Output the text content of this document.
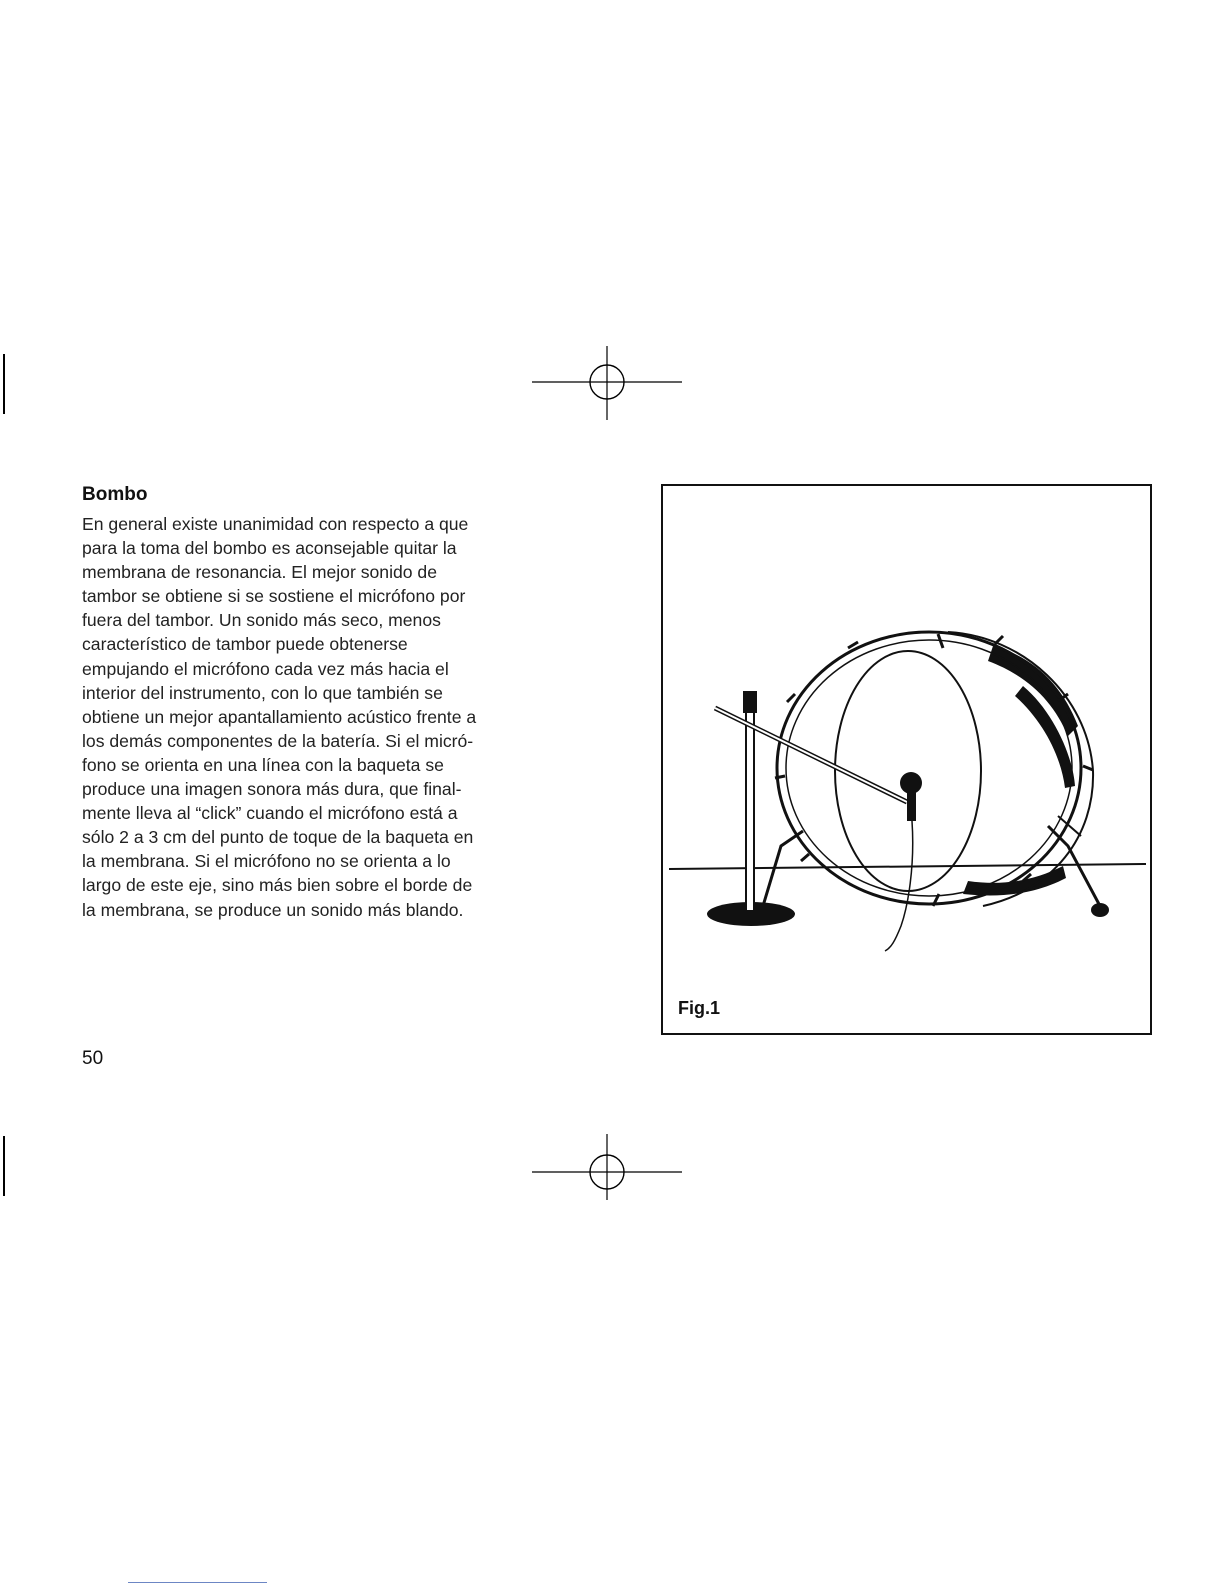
Bombo

En general existe unanimidad con respecto a que
para la toma del bombo es aconsejable quitar la
membrana de resonancia. El mejor sonido de
tambor se obtiene si se sostiene el micrófono por
fuera del tambor. Un sonido más seco, menos
característico de tambor puede obtenerse
empujando el micrófono cada vez más hacia el
interior del instrumento, con lo que también se
obtiene un mejor apantallamiento acústico frente a
los demás componentes de la batería. Si el micró-
fono se orienta en una línea con la baqueta se
produce una imagen sonora más dura, que final-
mente lleva al “click” cuando el micrófono está a
sólo 2 a 3 cm del punto de toque de la baqueta en
la membrana. Si el micrófono no se orienta a lo
largo de este eje, sino más bien sobre el borde de
la membrana, se produce un sonido más blando.

50
Fig.1
